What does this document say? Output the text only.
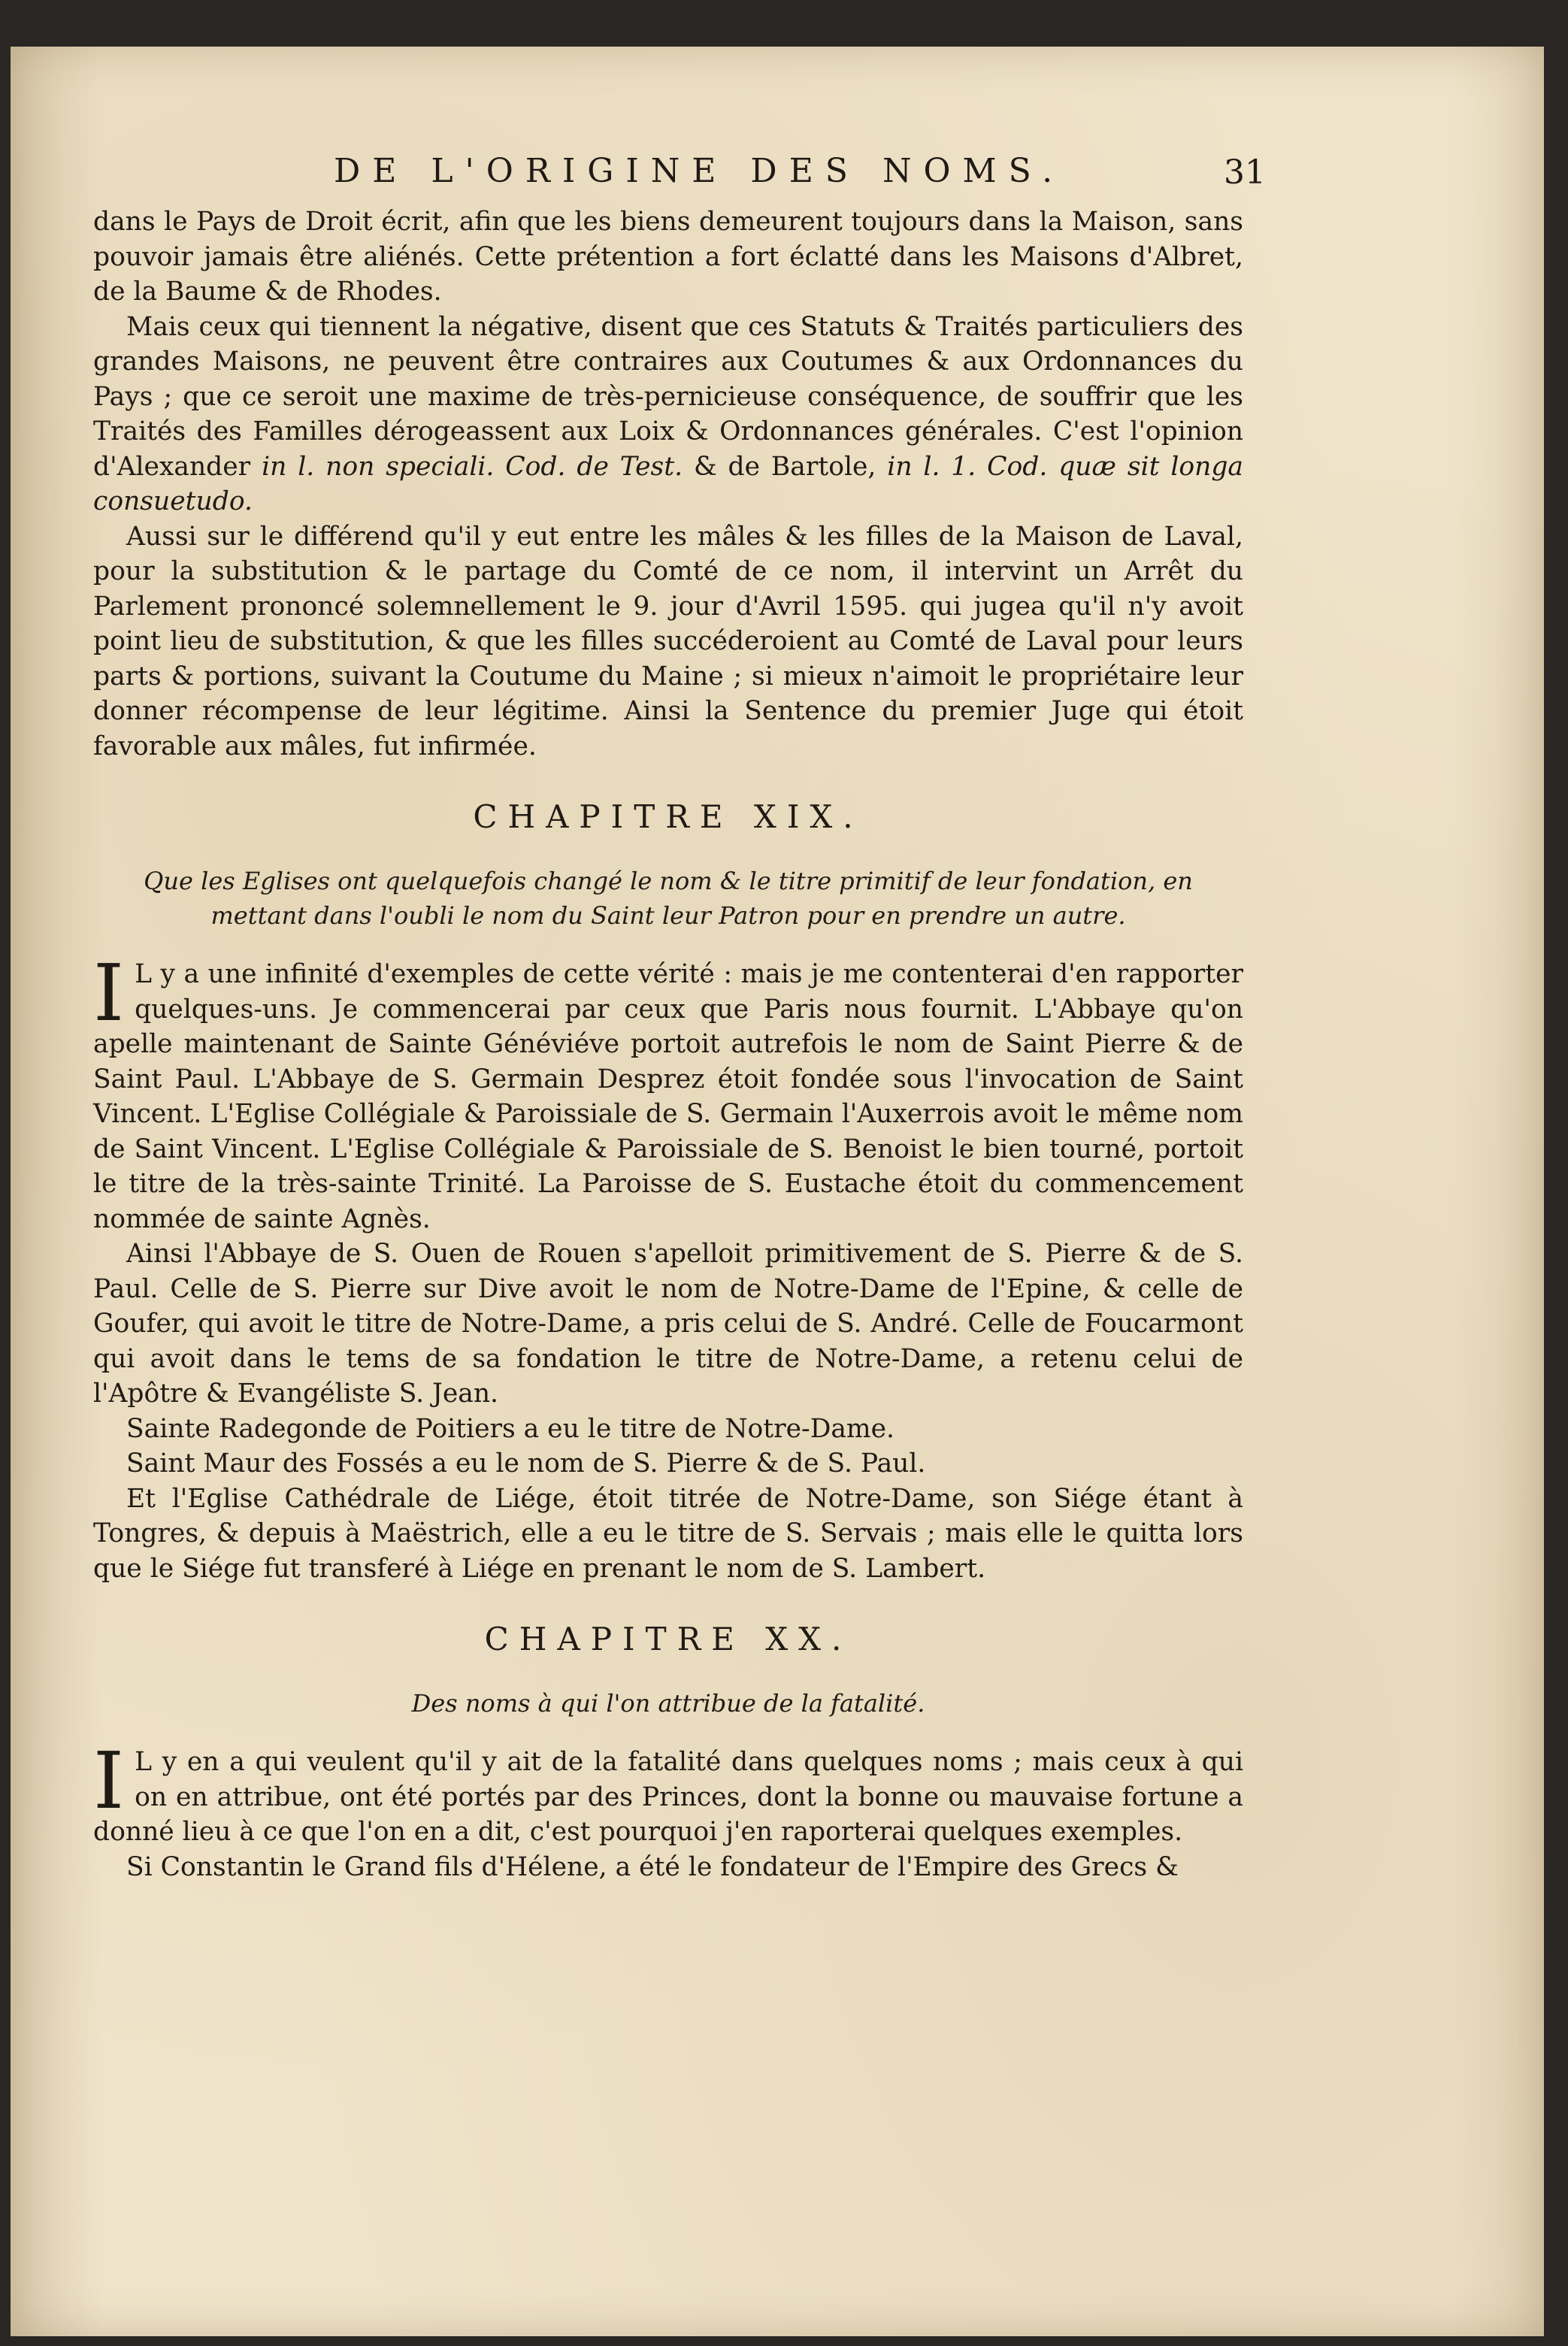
DE L'ORIGINE DES NOMS.	31

dans le Pays de Droit écrit, afin que les biens demeurent toujours dans la Maison, sans pouvoir jamais être aliénés. Cette prétention a fort éclatté dans les Maisons d'Albret, de la Baume & de Rhodes.

Mais ceux qui tiennent la négative, disent que ces Statuts & Traités particuliers des grandes Maisons, ne peuvent être contraires aux Coutumes & aux Ordonnances du Pays ; que ce seroit une maxime de très-pernicieuse conséquence, de souffrir que les Traités des Familles dérogeassent aux Loix & Ordonnances générales. C'est l'opinion d'Alexander in l. non speciali. Cod. de Test. & de Bartole, in l. 1. Cod. quæ sit longa consuetudo.

Aussi sur le différend qu'il y eut entre les mâles & les filles de la Maison de Laval, pour la substitution & le partage du Comté de ce nom, il intervint un Arrêt du Parlement prononcé solemnellement le 9. jour d'Avril 1595. qui jugea qu'il n'y avoit point lieu de substitution, & que les filles succéderoient au Comté de Laval pour leurs parts & portions, suivant la Coutume du Maine ; si mieux n'aimoit le propriétaire leur donner récompense de leur légitime. Ainsi la Sentence du premier Juge qui étoit favorable aux mâles, fut infirmée.

CHAPITRE XIX.
Que les Eglises ont quelquefois changé le nom & le titre primitif de leur fondation, en mettant dans l'oubli le nom du Saint leur Patron pour en prendre un autre.
I L y a une infinité d'exemples de cette vérité : mais je me contenterai d'en rapporter quelques-uns. Je commencerai par ceux que Paris nous fournit. L'Abbaye qu'on apelle maintenant de Sainte Généviéve portoit autrefois le nom de Saint Pierre & de Saint Paul. L'Abbaye de S. Germain Desprez étoit fondée sous l'invocation de Saint Vincent. L'Eglise Collégiale & Paroissiale de S. Germain l'Auxerrois avoit le même nom de Saint Vincent. L'Eglise Collégiale & Paroissiale de S. Benoist le bien tourné, portoit le titre de la très-sainte Trinité. La Paroisse de S. Eustache étoit du commencement nommée de sainte Agnès.

Ainsi l'Abbaye de S. Ouen de Rouen s'apelloit primitivement de S. Pierre & de S. Paul. Celle de S. Pierre sur Dive avoit le nom de Notre-Dame de l'Epine, & celle de Goufer, qui avoit le titre de Notre-Dame, a pris celui de S. André. Celle de Foucarmont qui avoit dans le tems de sa fondation le titre de Notre-Dame, a retenu celui de l'Apôtre & Evangéliste S. Jean.

Sainte Radegonde de Poitiers a eu le titre de Notre-Dame.

Saint Maur des Fossés a eu le nom de S. Pierre & de S. Paul.

Et l'Eglise Cathédrale de Liége, étoit titrée de Notre-Dame, son Siége étant à Tongres, & depuis à Maëstrich, elle a eu le titre de S. Servais ; mais elle le quitta lors que le Siége fut transferé à Liége en prenant le nom de S. Lambert.

CHAPITRE XX.
Des noms à qui l'on attribue de la fatalité.
I L y en a qui veulent qu'il y ait de la fatalité dans quelques noms ; mais ceux à qui on en attribue, ont été portés par des Princes, dont la bonne ou mauvaise fortune a donné lieu à ce que l'on en a dit, c'est pourquoi j'en raporterai quelques exemples.

Si Constantin le Grand fils d'Hélene, a été le fondateur de l'Empire des Grecs &
